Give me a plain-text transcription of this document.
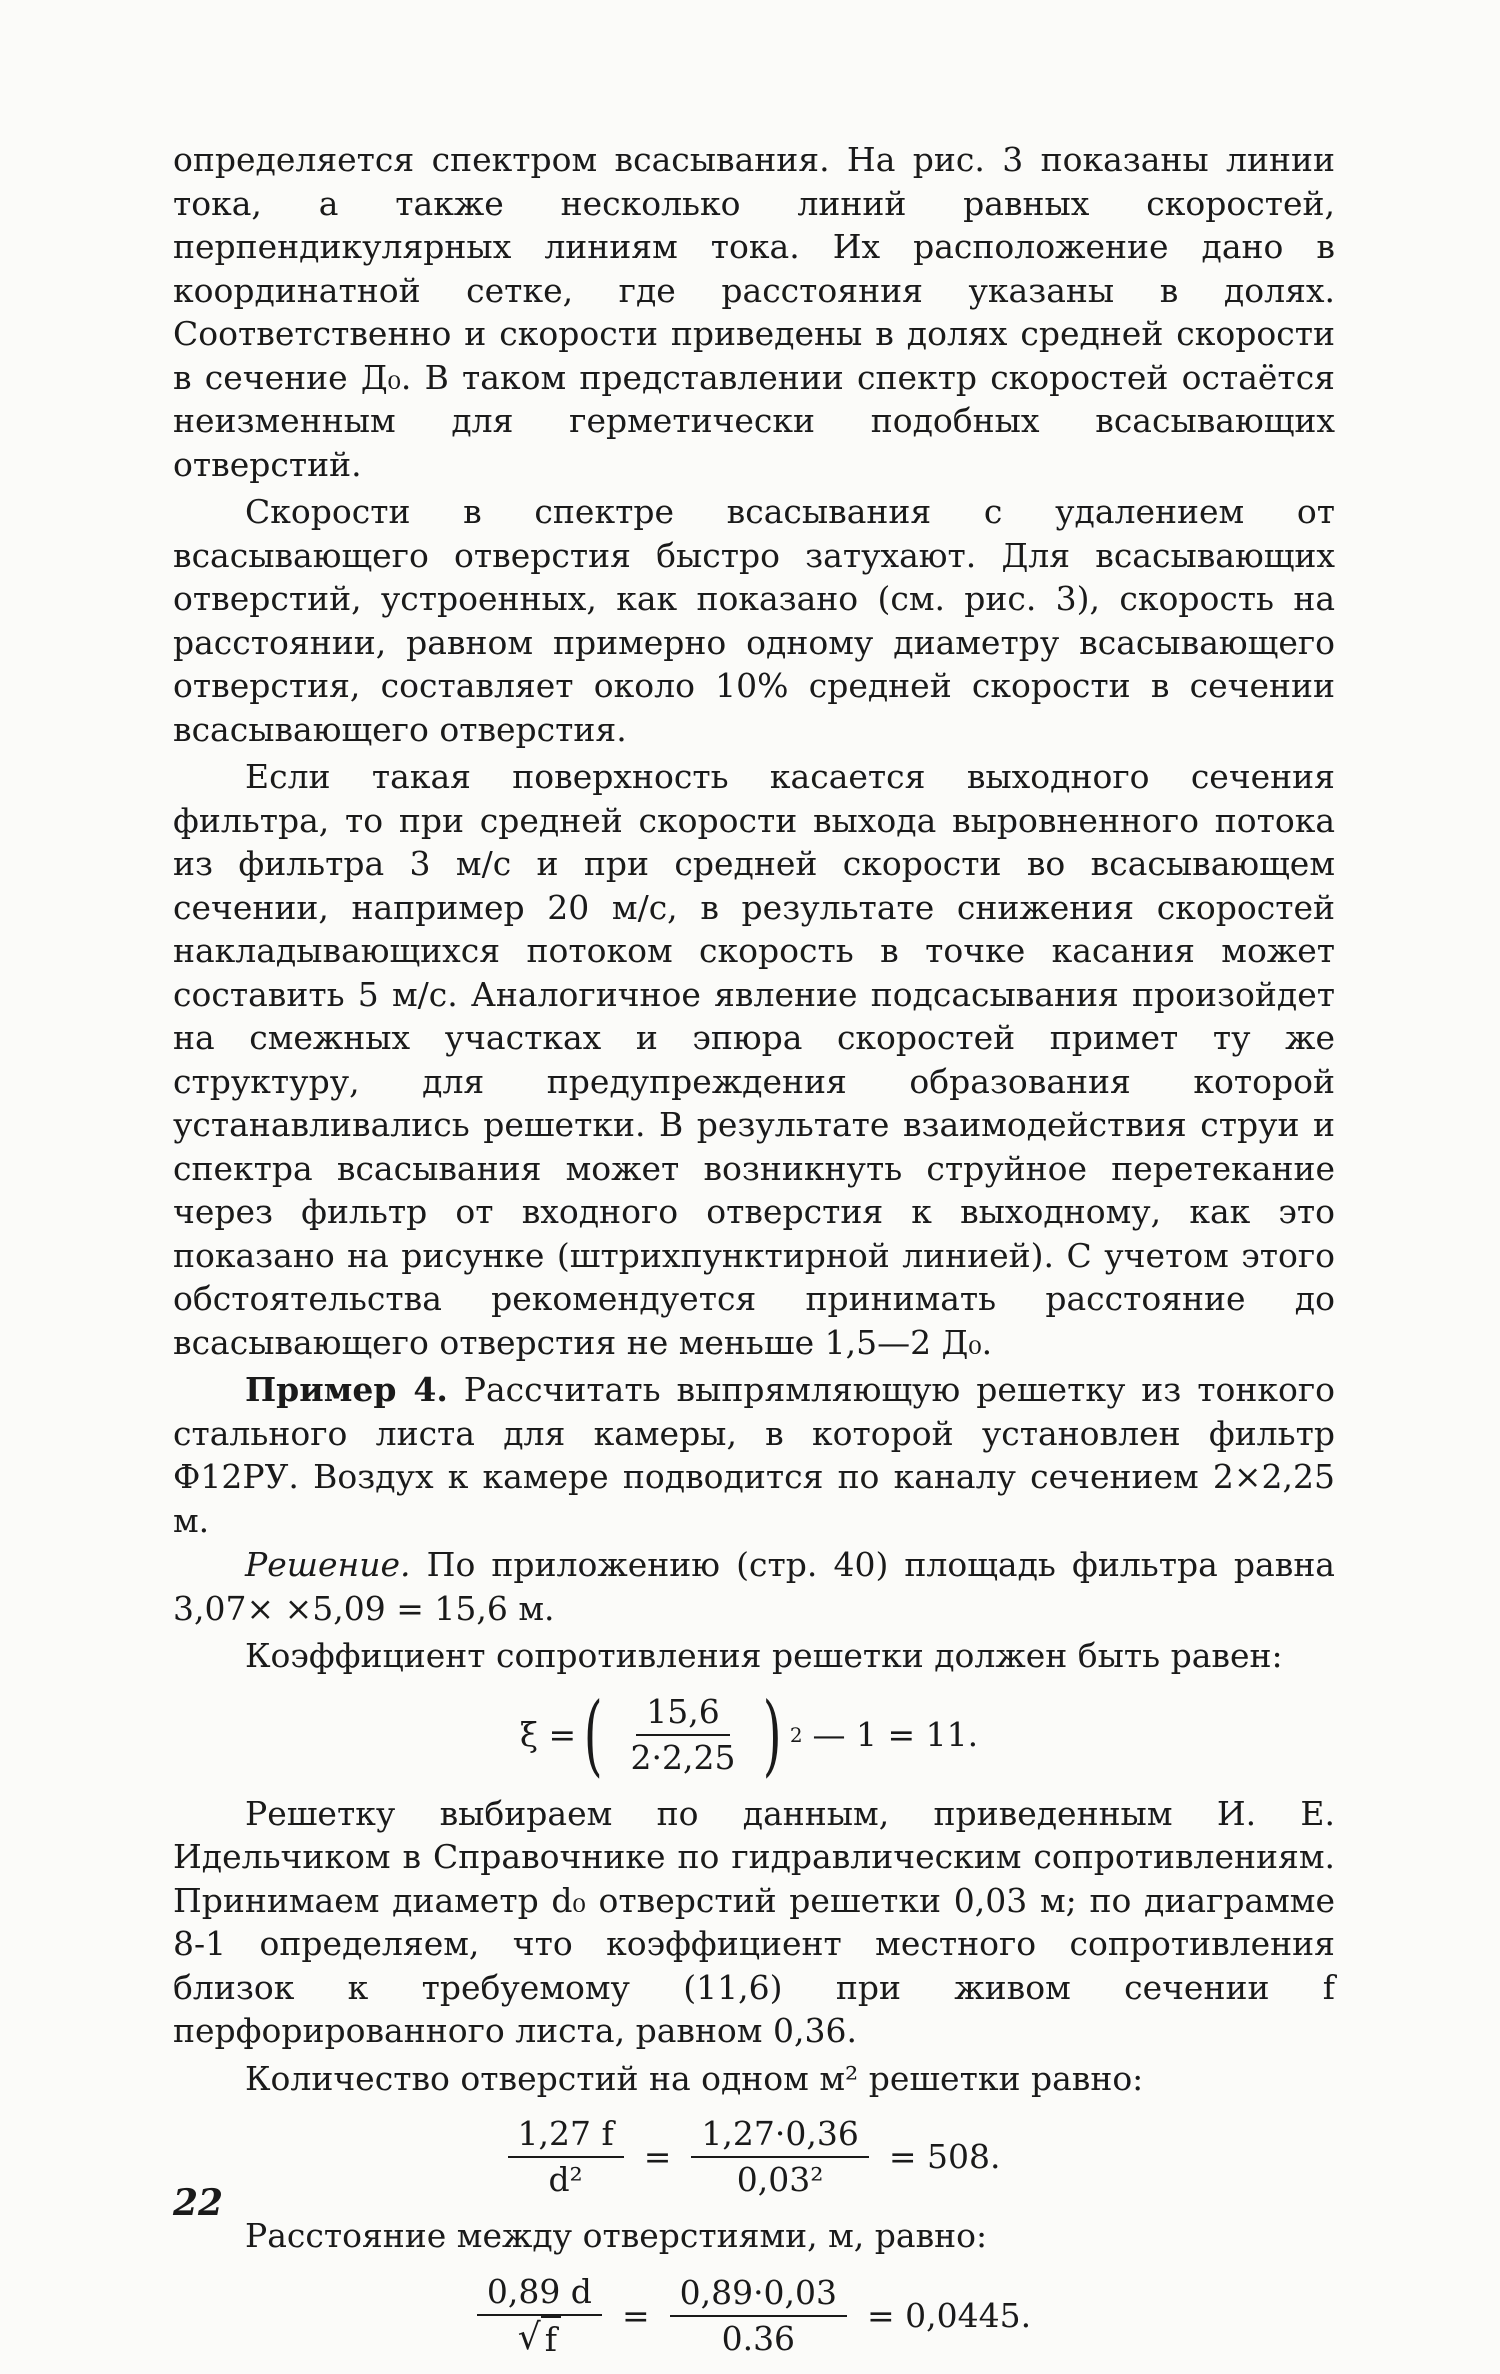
определяется спектром всасывания. На рис. 3 показаны линии тока, а также несколько линий равных скоростей, перпендикулярных линиям тока. Их расположение дано в координатной сетке, где расстояния указаны в долях. Соответственно и скорости приведены в долях средней скорости в сечение Д₀. В таком представлении спектр скоростей остаётся неизменным для герметически подобных всасывающих отверстий.

Скорости в спектре всасывания с удалением от всасывающего отверстия быстро затухают. Для всасывающих отверстий, устроенных, как показано (см. рис. 3), скорость на расстоянии, равном примерно одному диаметру всасывающего отверстия, составляет около 10% средней скорости в сечении всасывающего отверстия.

Если такая поверхность касается выходного сечения фильтра, то при средней скорости выхода выровненного потока из фильтра 3 м/с и при средней скорости во всасывающем сечении, например 20 м/с, в результате снижения скоростей накладывающихся потоком скорость в точке касания может составить 5 м/с. Аналогичное явление подсасывания произойдет на смежных участках и эпюра скоростей примет ту же структуру, для предупреждения образования которой устанавливались решетки. В результате взаимодействия струи и спектра всасывания может возникнуть струйное перетекание через фильтр от входного отверстия к выходному, как это показано на рисунке (штрихпунктирной линией). С учетом этого обстоятельства рекомендуется принимать расстояние до всасывающего отверстия не меньше 1,5—2 Д₀.

Пример 4. Рассчитать выпрямляющую решетку из тонкого стального листа для камеры, в которой установлен фильтр Ф12РУ. Воздух к камере подводится по каналу сечением 2×2,25 м.

Решение. По приложению (стр. 40) площадь фильтра равна 3,07× ×5,09 = 15,6 м.

Коэффициент сопротивления решетки должен быть равен:

ξ = ( $\frac{15,6}{2\cdot 2,25}$ ) 2 — 1 = 11.

Решетку выбираем по данным, приведенным И. Е. Идельчиком в Справочнике по гидравлическим сопротивлениям. Принимаем диаметр d₀ отверстий решетки 0,03 м; по диаграмме 8-1 определяем, что коэффициент местного сопротивления близок к требуемому (11,6) при живом сечении f перфорированного листа, равном 0,36.

Количество отверстий на одном м² решетки равно:

$\frac{1,27 f}{\text{d²}} = \frac{1,27\cdot 0,36}{\text{0,03²}} = 508$.

Расстояние между отверстиями, м, равно:

$\frac{0,89 d}{√ f} = \frac{0,89\cdot 0,03}{0.36} = 0,0445$.
22
